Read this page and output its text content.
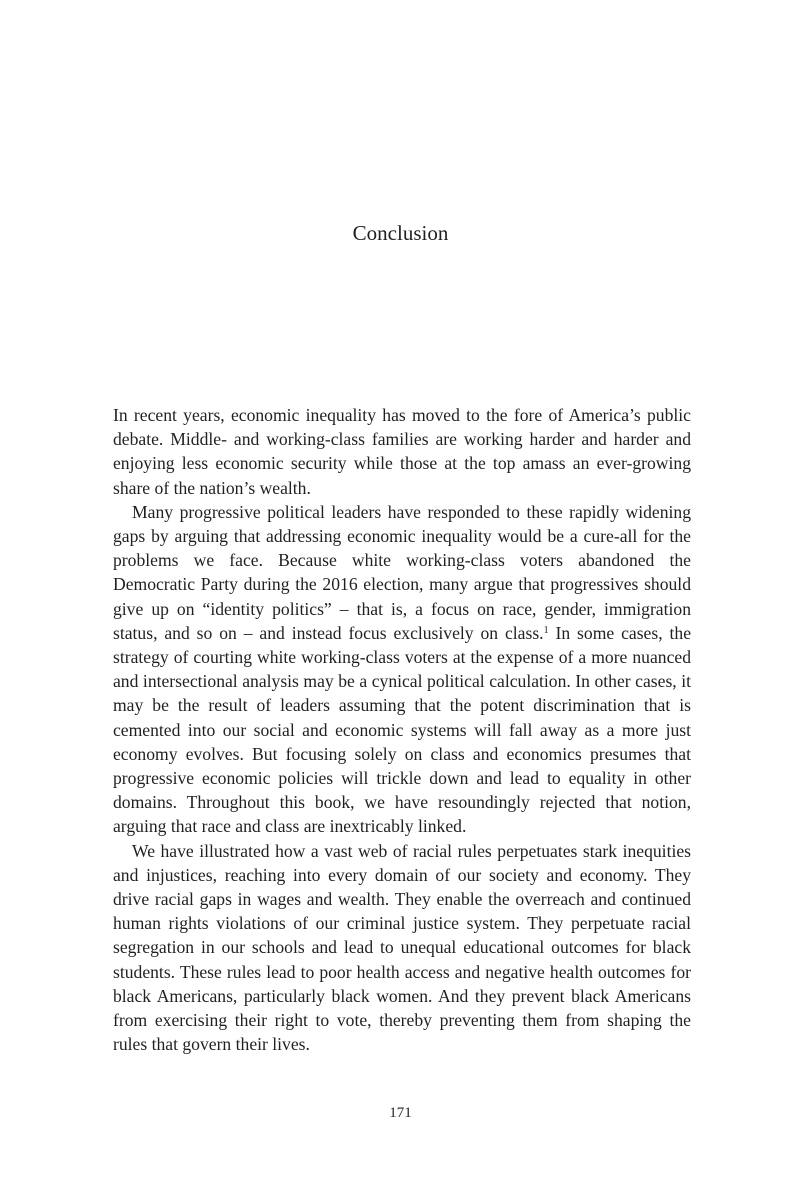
Conclusion

In recent years, economic inequality has moved to the fore of America’s public debate. Middle- and working-class families are working harder and harder and enjoying less economic security while those at the top amass an ever-growing share of the nation’s wealth.

Many progressive political leaders have responded to these rapidly widening gaps by arguing that addressing economic inequality would be a cure-all for the problems we face. Because white working-class voters abandoned the Democratic Party during the 2016 election, many argue that progressives should give up on “identity politics” – that is, a focus on race, gender, immigration status, and so on – and instead focus exclusively on class.$^1$ In some cases, the strategy of courting white working-class voters at the expense of a more nuanced and intersectional analysis may be a cynical political calculation. In other cases, it may be the result of leaders assuming that the potent discrimination that is cemented into our social and economic systems will fall away as a more just economy evolves. But focusing solely on class and economics presumes that progressive economic policies will trickle down and lead to equality in other domains. Throughout this book, we have resoundingly rejected that notion, arguing that race and class are inextricably linked.

We have illustrated how a vast web of racial rules perpetuates stark inequities and injustices, reaching into every domain of our society and economy. They drive racial gaps in wages and wealth. They enable the overreach and continued human rights violations of our criminal justice system. They perpetuate racial segregation in our schools and lead to unequal educational outcomes for black students. These rules lead to poor health access and negative health outcomes for black Americans, particularly black women. And they prevent black Americans from exercising their right to vote, thereby preventing them from shaping the rules that govern their lives.

171
